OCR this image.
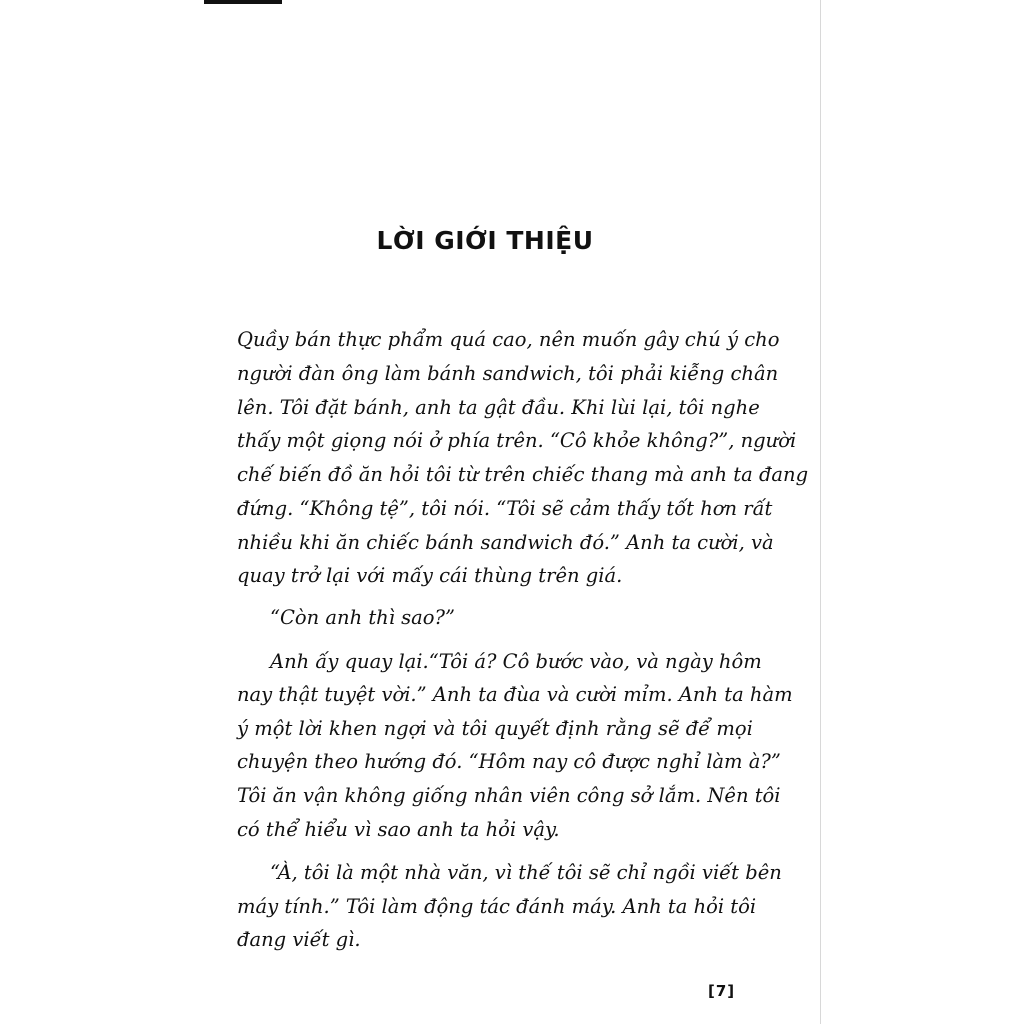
LỜI GIỚI THIỆU
Quầy bán thực phẩm quá cao, nên muốn gây chú ý cho
người đàn ông làm bánh sandwich, tôi phải kiễng chân
lên. Tôi đặt bánh, anh ta gật đầu. Khi lùi lại, tôi nghe
thấy một giọng nói ở phía trên. “Cô khỏe không?”, người
chế biến đồ ăn hỏi tôi từ trên chiếc thang mà anh ta đang
đứng. “Không tệ”, tôi nói. “Tôi sẽ cảm thấy tốt hơn rất
nhiều khi ăn chiếc bánh sandwich đó.” Anh ta cười, và
quay trở lại với mấy cái thùng trên giá.
“Còn anh thì sao?”
Anh ấy quay lại.“Tôi á? Cô bước vào, và ngày hôm
nay thật tuyệt vời.” Anh ta đùa và cười mỉm. Anh ta hàm
ý một lời khen ngợi và tôi quyết định rằng sẽ để mọi
chuyện theo hướng đó. “Hôm nay cô được nghỉ làm à?”
Tôi ăn vận không giống nhân viên công sở lắm. Nên tôi
có thể hiểu vì sao anh ta hỏi vậy.
“À, tôi là một nhà văn, vì thế tôi sẽ chỉ ngồi viết bên
máy tính.” Tôi làm động tác đánh máy. Anh ta hỏi tôi
đang viết gì.
[7]
